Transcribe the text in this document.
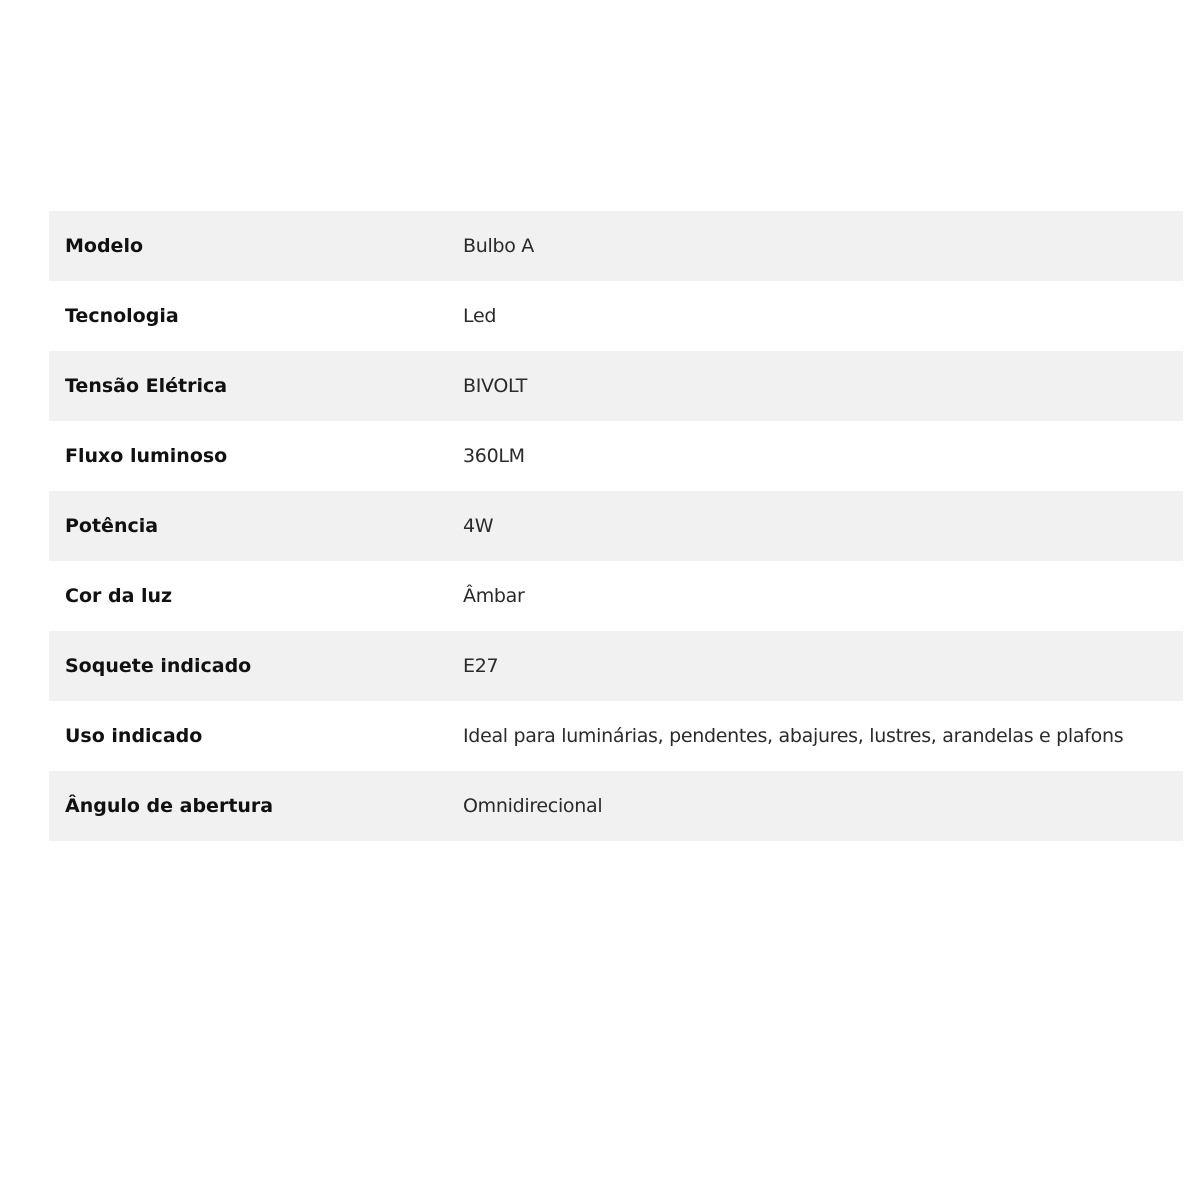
Modelo	Bulbo A
Tecnologia	Led
Tensão Elétrica	BIVOLT
Fluxo luminoso	360LM
Potência	4W
Cor da luz	Âmbar
Soquete indicado	E27
Uso indicado	Ideal para luminárias, pendentes, abajures, lustres, arandelas e plafons
Ângulo de abertura	Omnidirecional
